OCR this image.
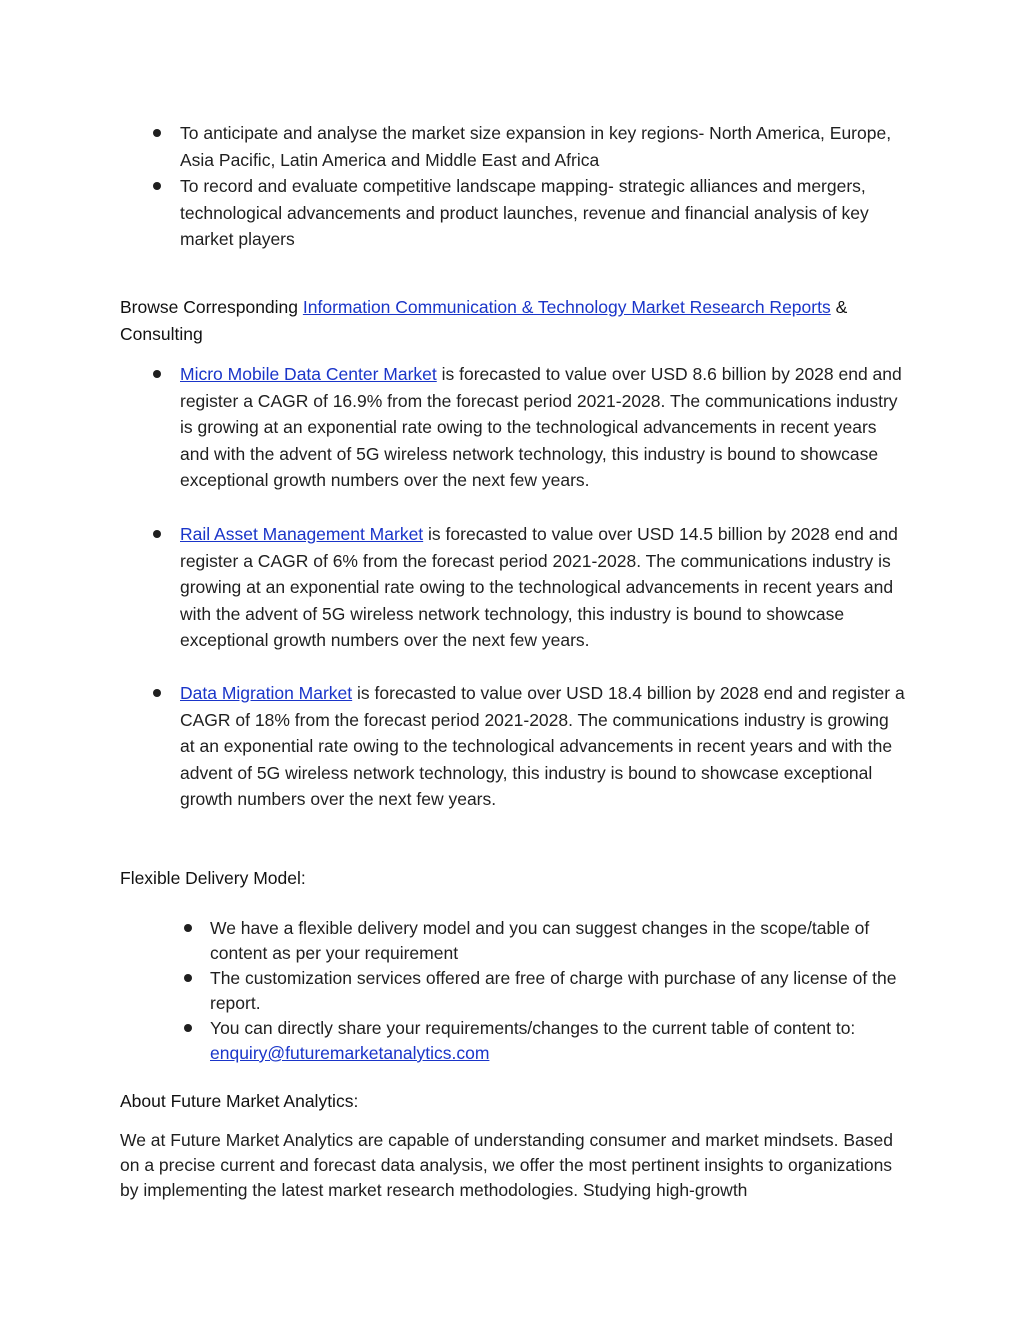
To anticipate and analyse the market size expansion in key regions- North America, Europe, Asia Pacific, Latin America and Middle East and Africa
To record and evaluate competitive landscape mapping- strategic alliances and mergers, technological advancements and product launches, revenue and financial analysis of key market players
Browse Corresponding Information Communication & Technology Market Research Reports & Consulting
Micro Mobile Data Center Market is forecasted to value over USD 8.6 billion by 2028 end and register a CAGR of 16.9% from the forecast period 2021-2028. The communications industry is growing at an exponential rate owing to the technological advancements in recent years and with the advent of 5G wireless network technology, this industry is bound to showcase exceptional growth numbers over the next few years.
Rail Asset Management Market is forecasted to value over USD 14.5 billion by 2028 end and register a CAGR of 6% from the forecast period 2021-2028. The communications industry is growing at an exponential rate owing to the technological advancements in recent years and with the advent of 5G wireless network technology, this industry is bound to showcase exceptional growth numbers over the next few years.
Data Migration Market is forecasted to value over USD 18.4 billion by 2028 end and register a CAGR of 18% from the forecast period 2021-2028. The communications industry is growing at an exponential rate owing to the technological advancements in recent years and with the advent of 5G wireless network technology, this industry is bound to showcase exceptional growth numbers over the next few years.
Flexible Delivery Model:
We have a flexible delivery model and you can suggest changes in the scope/table of content as per your requirement
The customization services offered are free of charge with purchase of any license of the report.
You can directly share your requirements/changes to the current table of content to: enquiry@futuremarketanalytics.com
About Future Market Analytics:
We at Future Market Analytics are capable of understanding consumer and market mindsets. Based on a precise current and forecast data analysis, we offer the most pertinent insights to organizations by implementing the latest market research methodologies. Studying high-growth
